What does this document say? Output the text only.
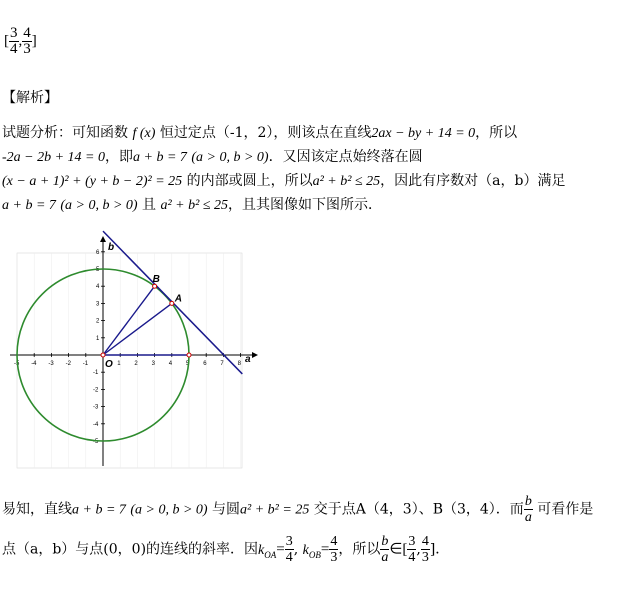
[ $\frac{3}{4}$ , $\frac{4}{3}$ ]
【解析】
试题分析：可知函数 f (x) 恒过定点（-1，2），则该点在直线2ax − by + 14 = 0，所以
-2a − 2b + 14 = 0，即a + b = 7 (a > 0, b > 0)．又因该定点始终落在圆
(x − a + 1)² + (y + b − 2)² = 25 的内部或圆上，所以a² + b² ≤ 25，因此有序数对（a，b）满足
a + b = 7 (a > 0, b > 0) 且 a² + b² ≤ 25，且其图像如下图所示．
-5 -4 -3 -2 -1	1 2 3 4 5 6 7 8
6
5
4
3
2
1
-1
-2
-3
-4
-5
A
B
O	a
b
易知，直线a + b = 7 (a > 0, b > 0) 与圆a² + b² = 25 交于点A（4，3）、B（3，4）．而 $\frac{b}{a}$ 可看作是
点（a，b）与点(0，0)的连线的斜率．因$k_{OA}= \frac{3}{4}$ , $k_{OB}= \frac{4}{3}$ ，所以 $\frac{b}{a}$ ∈[ $\frac{3}{4}$ , $\frac{4}{3}$ ]．
